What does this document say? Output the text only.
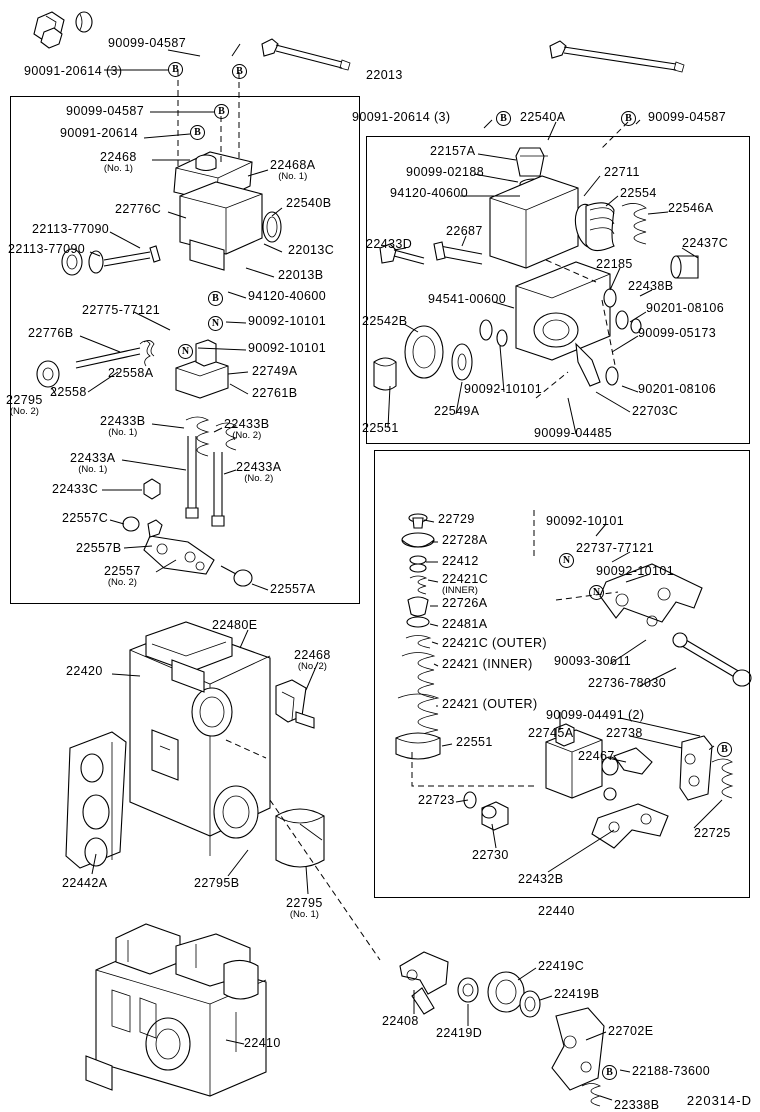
90099-04587
90091-20614 (3)	22013
90099-04587
90091-20614
22468
(No. 1)	22468A
(No. 1)
22776C	22540B
22013C
22013B
22113-77090
22113-77090
94120-40600
22775-77121
90092-10101
22776B
90092-10101
22558A	22749A
22761B
22558
22795
(No. 2)
22433B
(No. 1)
22433B
(No. 2)
22433A
(No. 1)	22433A
(No. 2)
22433C
22557C
22557B
22557
(No. 2)	22557A
90091-20614 (3)	22540A	90099-04587
22157A
90099-02188
94120-40600
22711
22554
22546A
22437C
22433D
22687
22185
22438B
94541-00600
22542B
90201-08106
90099-05173
90201-08106
90092-10101
22703C
22551
22549A
90099-04485
22729
22728A
22412
22421C
(INNER)
22726A
22481A
22421C (OUTER)
22421 (INNER)
22421 (OUTER)
22551
90092-10101
22737-77121
90092-10101
90093-30611
22736-78030
90099-04491 (2)
22745A	22738
22467
22725
22723
22730
22432B
22440
22480E
22420
22468
(No. 2)
22442A	22795B
22795
(No. 1)
22410
22408
22419D
22419C
22419B
22702E
22188-73600
22338B
B	B
B
B
B
N
N
B	B
N
N
B
B
220314-D
